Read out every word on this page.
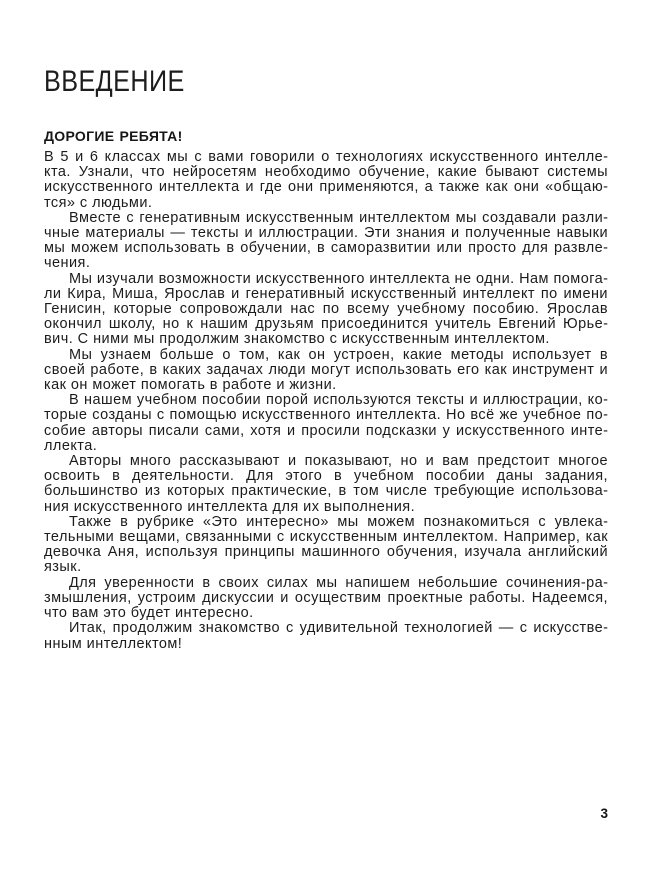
ВВЕДЕНИЕ
ДОРОГИЕ РЕБЯТА!

В 5 и 6 классах мы с вами говорили о технологиях искусственного интеллекта. Узнали, что нейросетям необходимо обучение, какие бывают системы искусственного интеллекта и где они применяются, а также как они «общаются» с людьми.

Вместе с генеративным искусственным интеллектом мы создавали различные материалы — тексты и иллюстрации. Эти знания и полученные навыки мы можем использовать в обучении, в саморазвитии или просто для развлечения.

Мы изучали возможности искусственного интеллекта не одни. Нам помогали Кира, Миша, Ярослав и генеративный искусственный интеллект по имени Генисин, которые сопровождали нас по всему учебному пособию. Ярослав окончил школу, но к нашим друзьям присоединится учитель Евгений Юрьевич. С ними мы продолжим знакомство с искусственным интеллектом.

Мы узнаем больше о том, как он устроен, какие методы использует в своей работе, в каких задачах люди могут использовать его как инструмент и как он может помогать в работе и жизни.

В нашем учебном пособии порой используются тексты и иллюстрации, которые созданы с помощью искусственного интеллекта. Но всё же учебное пособие авторы писали сами, хотя и просили подсказки у искусственного интеллекта.

Авторы много рассказывают и показывают, но и вам предстоит многое освоить в деятельности. Для этого в учебном пособии даны задания, большинство из которых практические, в том числе требующие использования искусственного интеллекта для их выполнения.

Также в рубрике «Это интересно» мы можем познакомиться с увлекательными вещами, связанными с искусственным интеллектом. Например, как девочка Аня, используя принципы машинного обучения, изучала английский язык.

Для уверенности в своих силах мы напишем небольшие сочинения-размышления, устроим дискуссии и осуществим проектные работы. Надеемся, что вам это будет интересно.

Итак, продолжим знакомство с удивительной технологией — с искусственным интеллектом!

3
